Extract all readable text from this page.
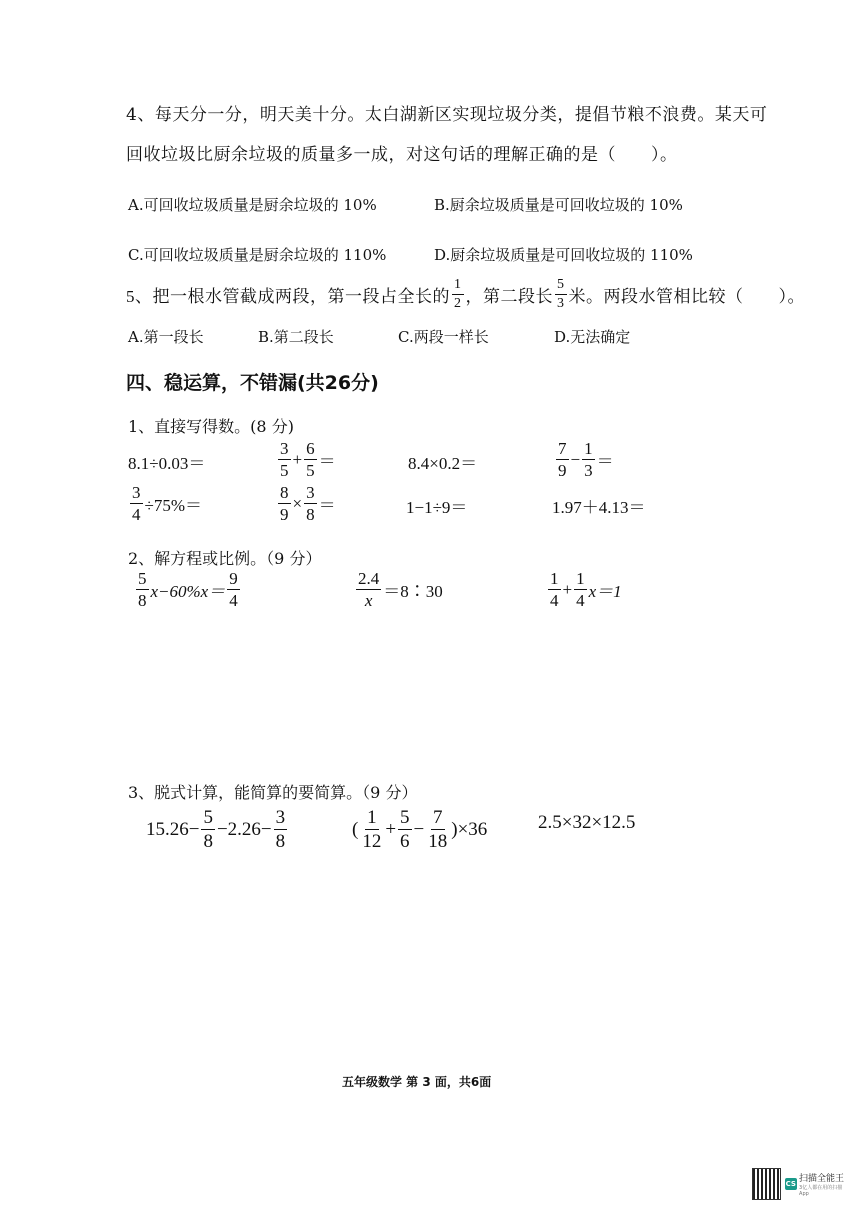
4、每天分一分，明天美十分。太白湖新区实现垃圾分类，提倡节粮不浪费。某天可
回收垃圾比厨余垃圾的质量多一成，对这句话的理解正确的是（　　）。
A.可回收垃圾质量是厨余垃圾的 10%	B.厨余垃圾质量是可回收垃圾的 10%
C.可回收垃圾质量是厨余垃圾的 110%	D.厨余垃圾质量是可回收垃圾的 110%
5、把一根水管截成两段，第一段占全长的 $\frac{1}{2}$ ，第二段长 $\frac{5}{3}$ 米。两段水管相比较（　　）。
A.第一段长	B.第二段长	C.两段一样长	D.无法确定
四、稳运算，不错漏(共26分)
1、直接写得数。(8 分)
8.1÷0.03＝	$\frac{3}{5} + \frac{6}{5}$ ＝	8.4×0.2＝	$\frac{7}{9} - \frac{1}{3}$ ＝
$\frac{3}{4} \div 75\%=$	$\frac{8}{9} \times \frac{3}{8}$ ＝	1−1÷9＝	1.97＋4.13＝
2、解方程或比例。（9 分）
$\frac{5}{8} x-60\%x= \frac{9}{4}$	$\frac{2.4}{x}$ ＝8∶30	$\frac{1}{4} + \frac{1}{4} x=1$
3、脱式计算，能简算的要简算。（9 分）
$15.26- \frac{5}{8} -2.26- \frac{3}{8}$	( $\frac{1}{12} + \frac{5}{6} - \frac{7}{18} )\times 36$	2.5×32×12.5
五年级数学 第 3 面，共6面
CS 扫描全能王
3亿人都在用的扫描App
